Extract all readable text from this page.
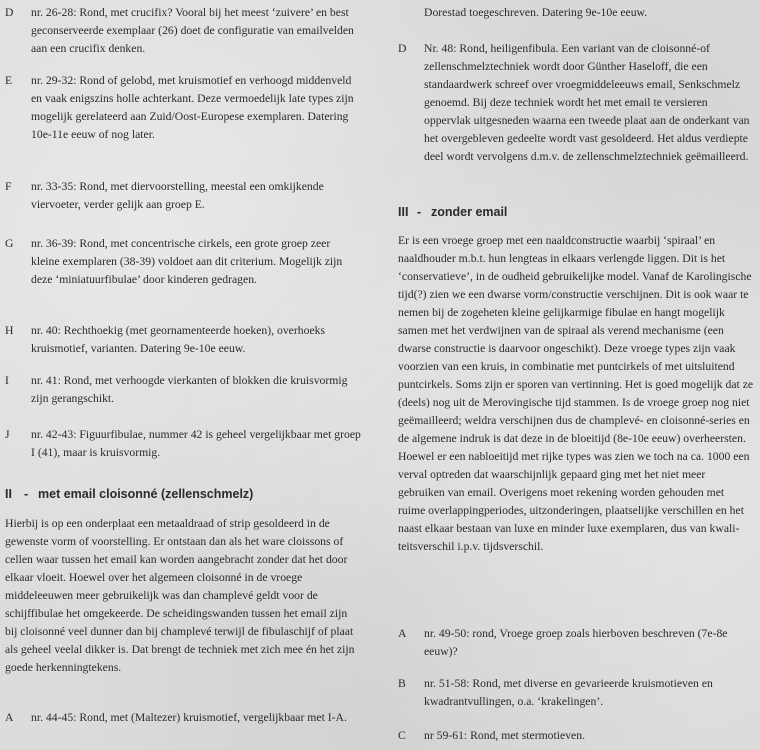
D	nr. 26-28: Rond, met crucifix? Vooral bij het meest ‘zuivere’ en best geconserveerde exemplaar (26) doet de configuratie van emailvelden aan een crucifix denken.
E	nr. 29-32: Rond of gelobd, met kruismotief en verhoogd middenveld en vaak enigszins holle achterkant. Deze vermoedelijk late types zijn mogelijk gerelateerd aan Zuid/Oost-Europese exemplaren. Datering 10e-11e eeuw of nog later.
F	nr. 33-35: Rond, met diervoorstelling, meestal een omkijkende viervoeter, verder gelijk aan groep E.
G	nr. 36-39: Rond, met concentrische cirkels, een grote groep zeer kleine exemplaren (38-39) voldoet aan dit criterium. Mogelijk zijn deze ‘miniatuurfibulae’ door kinderen gedragen.
H	nr. 40: Rechthoekig (met geornamenteerde hoeken), overhoeks kruismotief, varianten. Datering 9e-10e eeuw.
I	nr. 41: Rond, met verhoogde vierkanten of blokken die kruisvormig zijn gerangschikt.
J	nr. 42-43: Figuurfibulae, nummer 42 is geheel vergelijkbaar met groep I (41), maar is kruisvormig.
II - met email cloisonné (zellenschmelz)
Hierbij is op een onderplaat een metaaldraad of strip gesoldeerd in de gewenste vorm of voorstelling. Er ontstaan dan als het ware cloissons of cellen waar tussen het email kan worden aangebracht zonder dat het door elkaar vloeit. Hoewel over het algemeen cloisonné in de vroege middeleeuwen meer gebruikelijk was dan champlevé geldt voor de schijffibulae het omgekeerde. De scheidingswanden tussen het email zijn bij cloisonné veel dunner dan bij champlevé terwijl de fibulaschijf of plaat als geheel veelal dikker is. Dat brengt de techniek met zich mee én het zijn goede herkenningtekens.
A	nr. 44-45: Rond, met (Maltezer) kruismotief, vergelijkbaar met I-A.
Dorestad toegeschreven. Datering 9e-10e eeuw.
D	Nr. 48: Rond, heiligenfibula. Een variant van de cloisonné-of zellenschmelztechniek wordt door Günther Haseloff, die een standaardwerk schreef over vroegmiddeleeuws email, Senkschmelz genoemd. Bij deze techniek wordt het met email te versieren oppervlak uitgesneden waarna een tweede plaat aan de onderkant van het overgebleven gedeelte wordt vast gesoldeerd. Het aldus verdiepte deel wordt vervolgens d.m.v. de zellenschmelztechniek geëmailleerd.
III - zonder email
Er is een vroege groep met een naaldconstructie waarbij ‘spiraal’ en naaldhouder m.b.t. hun lengteas in elkaars verlengde liggen. Dit is het ‘conservatieve’, in de oudheid gebruikelijke model. Vanaf de Karolingische tijd(?) zien we een dwarse vorm/constructie verschijnen. Dit is ook waar te nemen bij de zogeheten kleine gelijkarmige fibulae en hangt mogelijk samen met het verdwijnen van de spiraal als verend mechanisme (een dwarse constructie is daarvoor ongeschikt). Deze vroege types zijn vaak voorzien van een kruis, in combinatie met puntcirkels of met uitsluitend puntcirkels. Soms zijn er sporen van vertinning. Het is goed mogelijk dat ze (deels) nog uit de Merovingische tijd stammen. Is de vroege groep nog niet geëmailleerd; weldra verschijnen dus de champlevé- en cloisonné-series en de algemene indruk is dat deze in de bloeitijd (8e-10e eeuw) overheersten. Hoewel er een nabloeitijd met rijke types was zien we toch na ca. 1000 een verval optreden dat waarschijnlijk gepaard ging met het niet meer gebruiken van email. Overigens moet rekening worden gehouden met ruime overlappingperiodes, uitzonderingen, plaatselijke verschillen en het naast elkaar bestaan van luxe en minder luxe exemplaren, dus van kwaliteitsverschil i.p.v. tijdsverschil.
A	nr. 49-50: rond, Vroege groep zoals hierboven beschreven (7e-8e eeuw)?
B	nr. 51-58: Rond, met diverse en gevarieerde kruismotieven en kwadrantvullingen, o.a. ‘krakelingen’.
C	nr 59-61: Rond, met stermotieven.
